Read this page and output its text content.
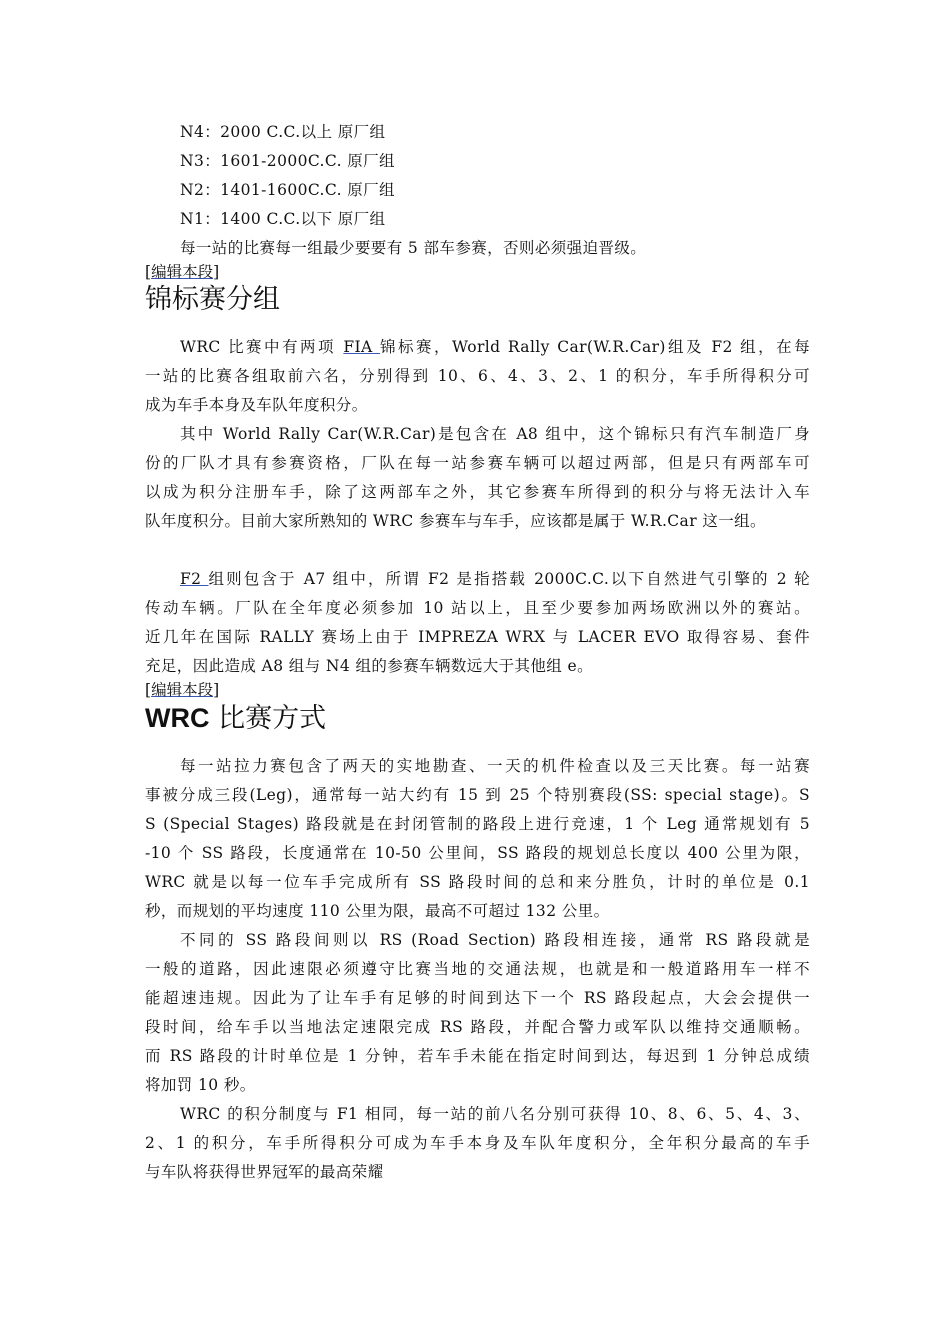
N4：2000 C.C.以上 原厂组
N3：1601-2000C.C. 原厂组
N2：1401-1600C.C. 原厂组
N1：1400 C.C.以下 原厂组
每一站的比赛每一组最少要要有 5 部车参赛，否则必须强迫晋级。
[编辑本段]
锦标赛分组
WRC 比赛中有两项 FIA 锦标赛，World Rally Car(W.R.Car)组及 F2 组，在每
一站的比赛各组取前六名，分别得到 10、6、4、3、2、1 的积分，车手所得积分可
成为车手本身及车队年度积分。
其中 World Rally Car(W.R.Car)是包含在 A8 组中，这个锦标只有汽车制造厂身
份的厂队才具有参赛资格，厂队在每一站参赛车辆可以超过两部，但是只有两部车可
以成为积分注册车手，除了这两部车之外，其它参赛车所得到的积分与将无法计入车
队年度积分。目前大家所熟知的 WRC 参赛车与车手，应该都是属于 W.R.Car 这一组。
F2 组则包含于 A7 组中，所谓 F2 是指搭载 2000C.C.以下自然进气引擎的 2 轮
传动车辆。厂队在全年度必须参加 10 站以上，且至少要参加两场欧洲以外的赛站。
近几年在国际 RALLY 赛场上由于 IMPREZA WRX 与 LACER EVO 取得容易、套件
充足，因此造成 A8 组与 N4 组的参赛车辆数远大于其他组 e。
[编辑本段]
WRC 比赛方式
每一站拉力赛包含了两天的实地勘查、一天的机件检查以及三天比赛。每一站赛
事被分成三段(Leg)，通常每一站大约有 15 到 25 个特别赛段(SS: special stage)。S
S (Special Stages) 路段就是在封闭管制的路段上进行竞速，1 个 Leg 通常规划有 5
-10 个 SS 路段，长度通常在 10-50 公里间，SS 路段的规划总长度以 400 公里为限，
WRC 就是以每一位车手完成所有 SS 路段时间的总和来分胜负，计时的单位是 0.1
秒，而规划的平均速度 110 公里为限，最高不可超过 132 公里。
不同的 SS 路段间则以 RS (Road Section) 路段相连接，通常 RS 路段就是
一般的道路，因此速限必须遵守比赛当地的交通法规，也就是和一般道路用车一样不
能超速违规。因此为了让车手有足够的时间到达下一个 RS 路段起点，大会会提供一
段时间，给车手以当地法定速限完成 RS 路段，并配合警力或军队以维持交通顺畅。
而 RS 路段的计时单位是 1 分钟，若车手未能在指定时间到达，每迟到 1 分钟总成绩
将加罚 10 秒。
WRC 的积分制度与 F1 相同，每一站的前八名分别可获得 10、8、6、5、4、3、
2、1 的积分，车手所得积分可成为车手本身及车队年度积分，全年积分最高的车手
与车队将获得世界冠军的最高荣耀
